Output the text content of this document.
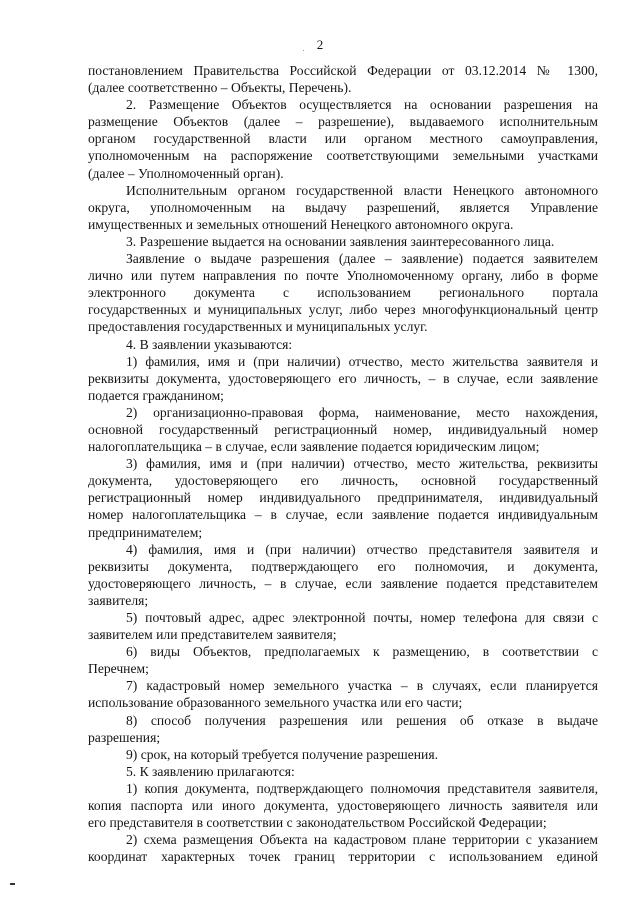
2
постановлением Правительства Российской Федерации от 03.12.2014 № 1300,
(далее соответственно – Объекты, Перечень).
2. Размещение Объектов осуществляется на основании разрешения на
размещение Объектов (далее – разрешение), выдаваемого исполнительным
органом государственной власти или органом местного самоуправления,
уполномоченным на распоряжение соответствующими земельными участками
(далее – Уполномоченный орган).
Исполнительным органом государственной власти Ненецкого автономного
округа, уполномоченным на выдачу разрешений, является Управление
имущественных и земельных отношений Ненецкого автономного округа.
3. Разрешение выдается на основании заявления заинтересованного лица.
Заявление о выдаче разрешения (далее – заявление) подается заявителем
лично или путем направления по почте Уполномоченному органу, либо в форме
электронного документа с использованием регионального портала
государственных и муниципальных услуг, либо через многофункциональный центр
предоставления государственных и муниципальных услуг.
4. В заявлении указываются:
1) фамилия, имя и (при наличии) отчество, место жительства заявителя и
реквизиты документа, удостоверяющего его личность, – в случае, если заявление
подается гражданином;
2) организационно-правовая форма, наименование, место нахождения,
основной государственный регистрационный номер, индивидуальный номер
налогоплательщика – в случае, если заявление подается юридическим лицом;
3) фамилия, имя и (при наличии) отчество, место жительства, реквизиты
документа, удостоверяющего его личность, основной государственный
регистрационный номер индивидуального предпринимателя, индивидуальный
номер налогоплательщика – в случае, если заявление подается индивидуальным
предпринимателем;
4) фамилия, имя и (при наличии) отчество представителя заявителя и
реквизиты документа, подтверждающего его полномочия, и документа,
удостоверяющего личность, – в случае, если заявление подается представителем
заявителя;
5) почтовый адрес, адрес электронной почты, номер телефона для связи с
заявителем или представителем заявителя;
6) виды Объектов, предполагаемых к размещению, в соответствии с
Перечнем;
7) кадастровый номер земельного участка – в случаях, если планируется
использование образованного земельного участка или его части;
8) способ получения разрешения или решения об отказе в выдаче
разрешения;
9) срок, на который требуется получение разрешения.
5. К заявлению прилагаются:
1) копия документа, подтверждающего полномочия представителя заявителя,
копия паспорта или иного документа, удостоверяющего личность заявителя или
его представителя в соответствии с законодательством Российской Федерации;
2) схема размещения Объекта на кадастровом плане территории с указанием
координат характерных точек границ территории с использованием единой
